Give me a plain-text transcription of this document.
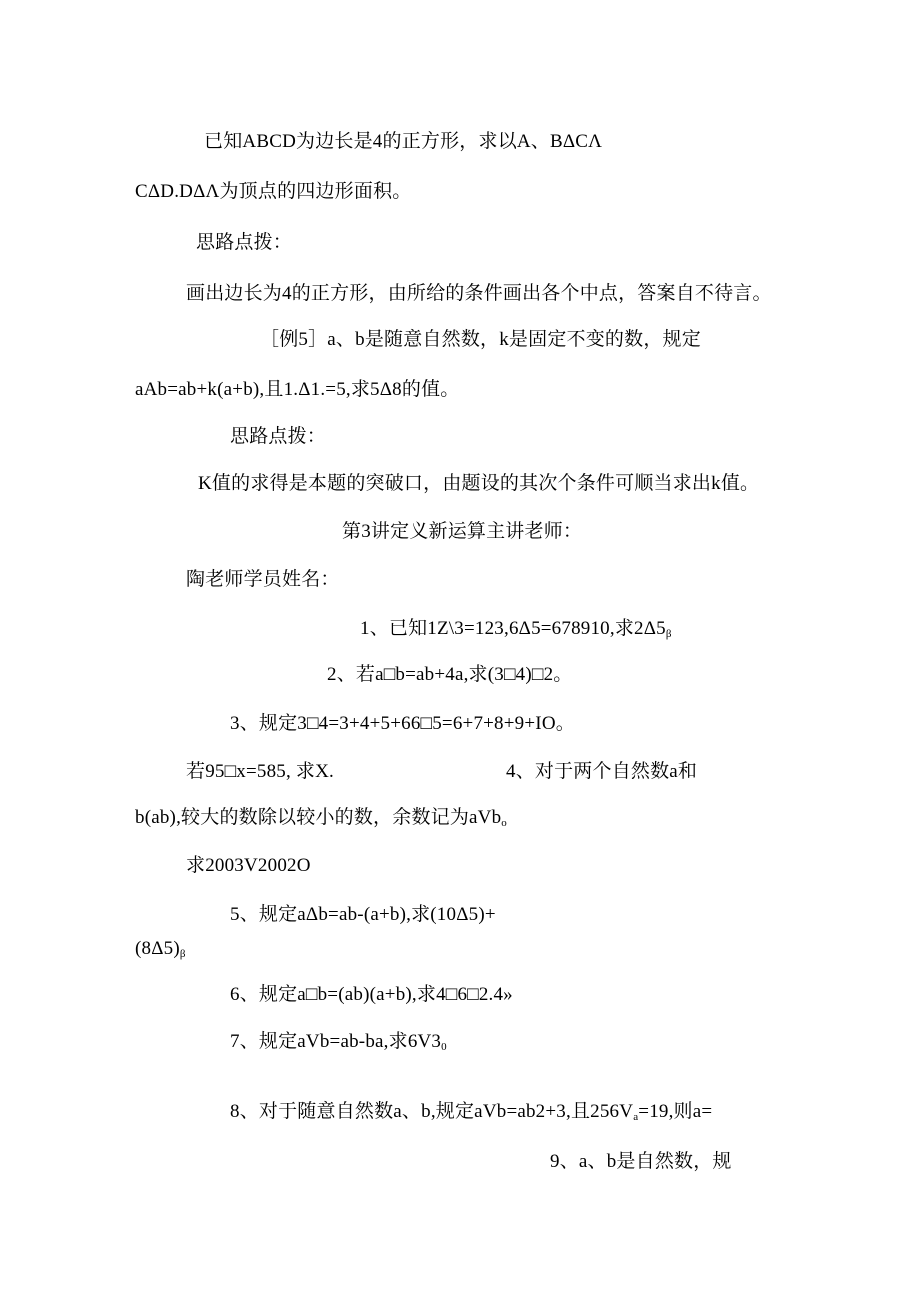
已知ABCD为边长是4的正方形，求以A、BΔCΛ
CΔD.DΔΛ为顶点的四边形面积。
思路点拨：
画出边长为4的正方形，由所给的条件画出各个中点，答案自不待言。
［例5］a、b是随意自然数，k是固定不变的数，规定
aAb=ab+k(a+b),且1.Δ1.=5,求5Δ8的值。
思路点拨：
K值的求得是本题的突破口，由题设的其次个条件可顺当求出k值。
第3讲定义新运算主讲老师：
陶老师学员姓名：
1、已知1Z\3=123,6Δ5=678910,求$2\Delta 5_\beta$
2、若a□b=ab+4a,求(3□4)□2。
3、规定3□4=3+4+5+66□5=6+7+8+9+IO。
若95□x=585, 求X.	4、对于两个自然数a和
b(ab),较大的数除以较小的数，余数记为aVb$_o$
求2003V2002O
5、规定aΔb=ab-(a+b),求(10Δ5)+
$(8\Delta 5)_\beta$
6、规定a□b=(ab)(a+b),求4□6□2.4»
7、规定aVb=ab-ba,求$6V3_0$
8、对于随意自然数a、b,规定aVb=ab2+3,且$256V_a=19$,则a=
9、a、b是自然数，规
